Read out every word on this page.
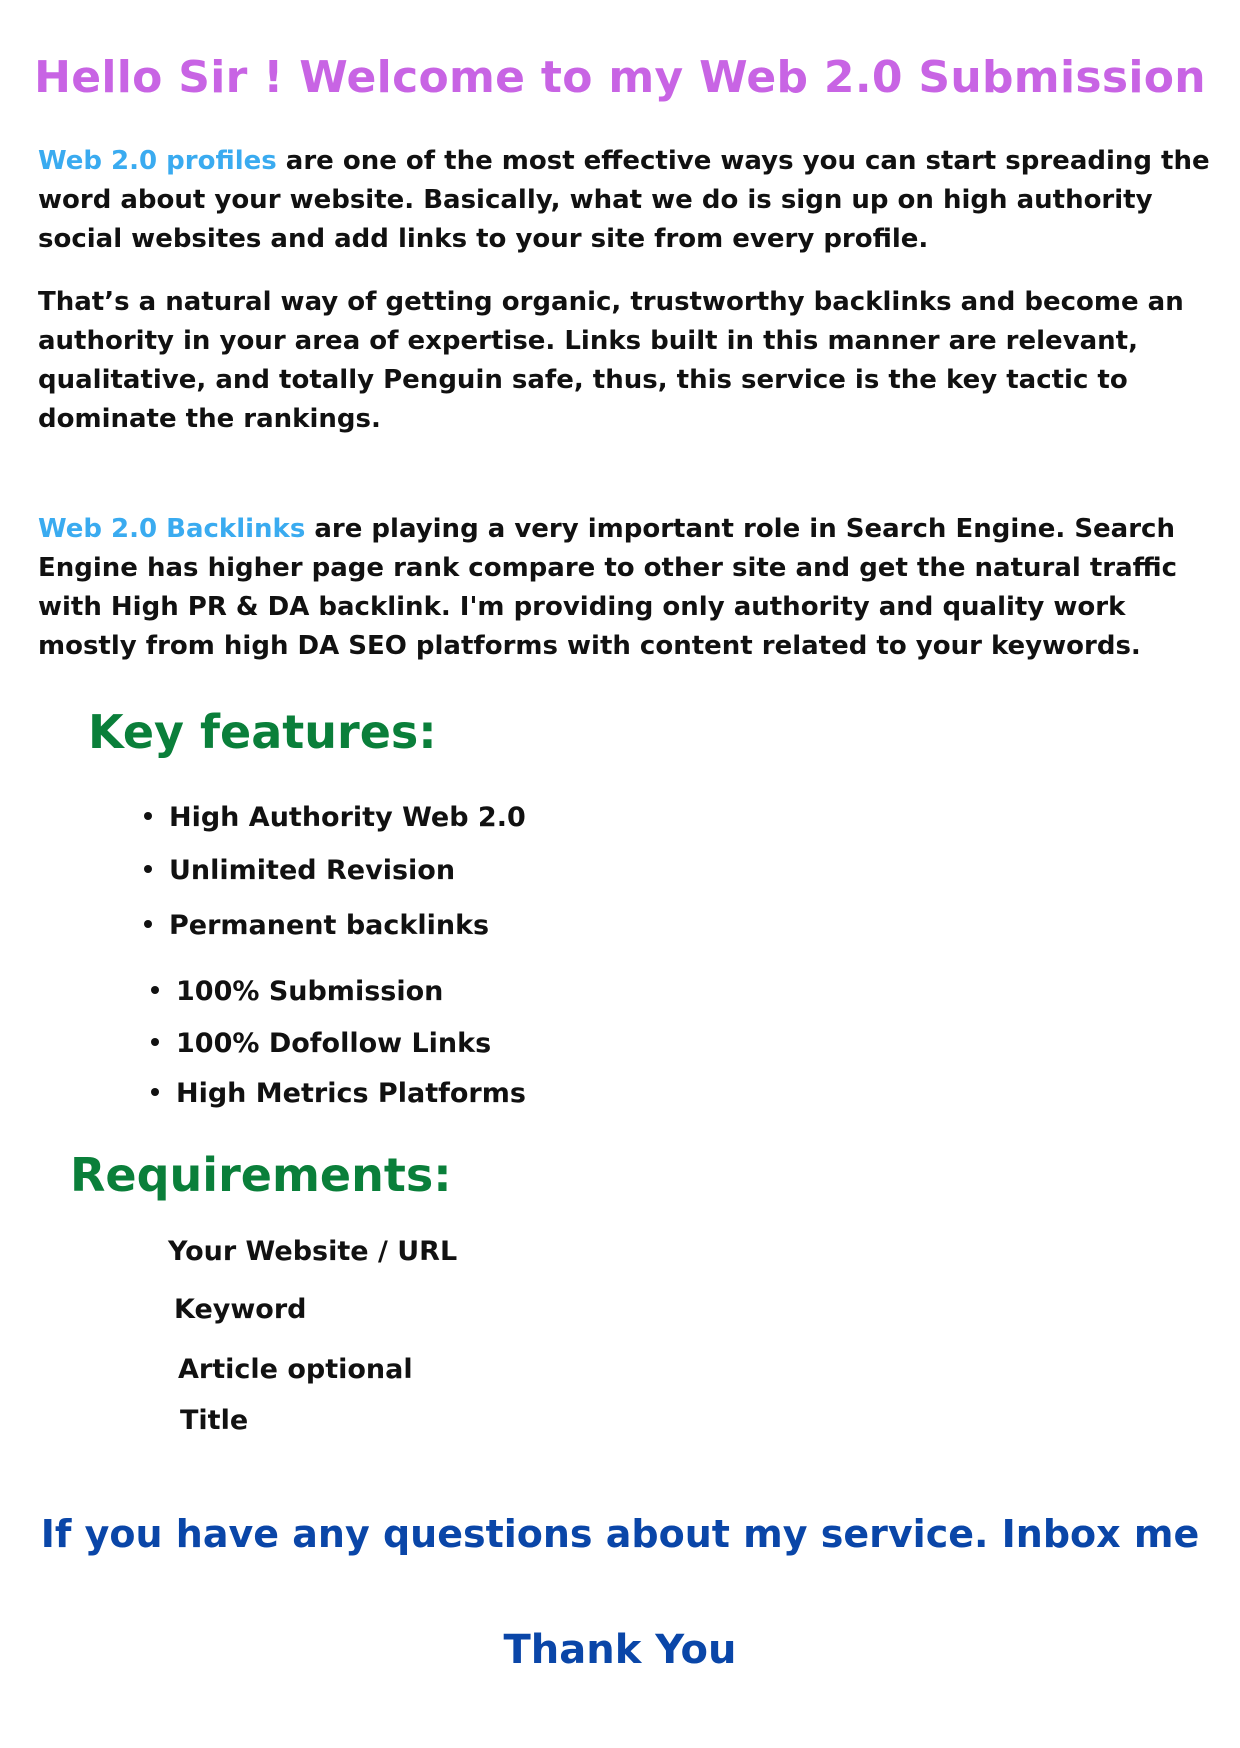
Hello Sir ! Welcome to my Web 2.0 Submission
Web 2.0 profiles are one of the most effective ways you can start spreading the word about your website. Basically, what we do is sign up on high authority social websites and add links to your site from every profile.
That’s a natural way of getting organic, trustworthy backlinks and become an authority in your area of expertise. Links built in this manner are relevant, qualitative, and totally Penguin safe, thus, this service is the key tactic to dominate the rankings.
Web 2.0 Backlinks are playing a very important role in Search Engine. Search Engine has higher page rank compare to other site and get the natural traffic with High PR & DA backlink. I'm providing only authority and quality work mostly from high DA SEO platforms with content related to your keywords.
Key features:
High Authority Web 2.0
Unlimited Revision
Permanent backlinks
100% Submission
100% Dofollow Links
High Metrics Platforms
Requirements:
Your Website / URL
Keyword
Article optional
Title
If you have any questions about my service. Inbox me
Thank You
